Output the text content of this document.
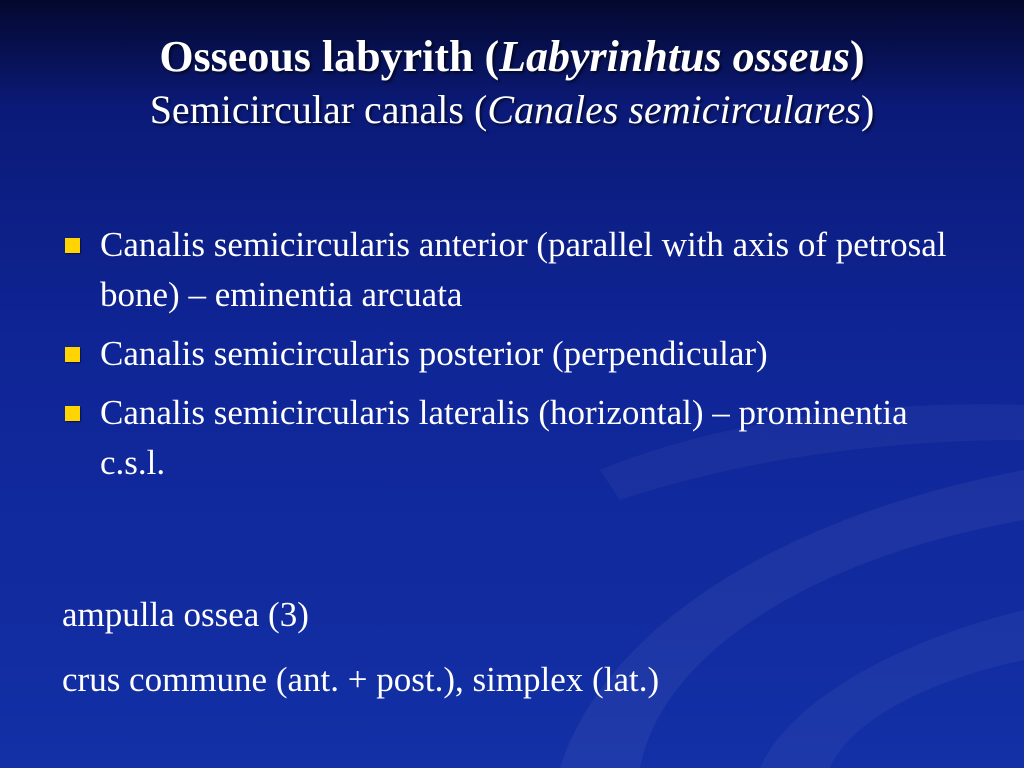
Osseous labyrith (Labyrinhtus osseus)
Semicircular canals (Canales semicirculares)
Canalis semicircularis anterior (parallel with axis of petrosal bone) – eminentia arcuata
Canalis semicircularis posterior (perpendicular)
Canalis semicircularis lateralis (horizontal) – prominentia c.s.l.
ampulla ossea (3)
crus commune (ant. + post.), simplex (lat.)
